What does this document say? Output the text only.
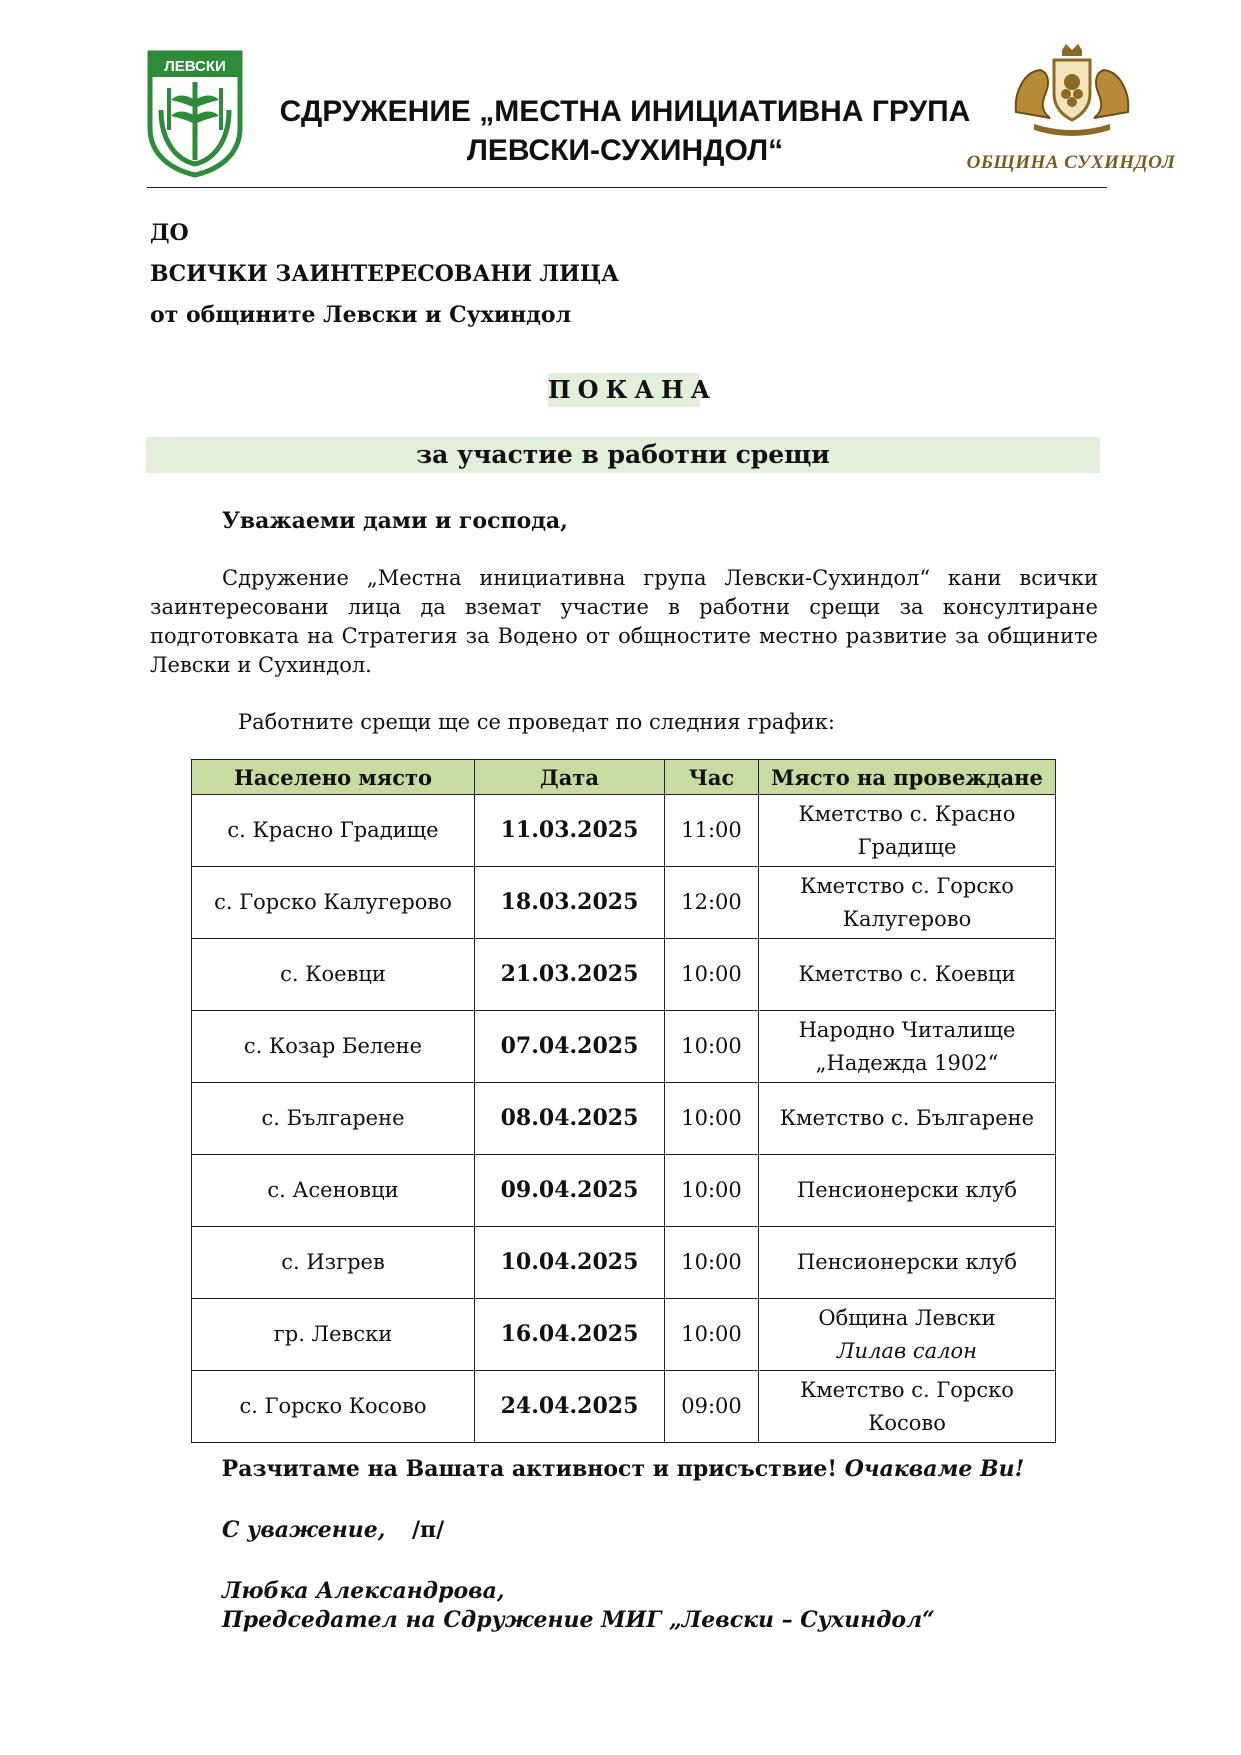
ЛЕВСКИ
СДРУЖЕНИЕ „МЕСТНА ИНИЦИАТИВНА ГРУПА
ЛЕВСКИ-СУХИНДОЛ“	ОБЩИНА СУХИНДОЛ
ДО
ВСИЧКИ ЗАИНТЕРЕСОВАНИ ЛИЦА
от общините Левски и Сухиндол
ПОКАНА
за участие в работни срещи
Уважаеми дами и господа,
Сдружение „Местна инициативна група Левски-Сухиндол“ кани всички заинтересовани лица да вземат участие в работни срещи за консултиране подготовката на Стратегия за Водено от общностите местно развитие за общините Левски и Сухиндол.
Работните срещи ще се проведат по следния график:
Населено място	Дата	Час	Място на провеждане
с. Красно Градище	11.03.2025	11:00	Кметство с. Красно Градище
с. Горско Калугерово	18.03.2025	12:00	Кметство с. Горско Калугерово
с. Коевци	21.03.2025	10:00	Кметство с. Коевци
с. Козар Белене	07.04.2025	10:00	Народно Читалище „Надежда 1902“
с. Българене	08.04.2025	10:00	Кметство с. Българене
с. Асеновци	09.04.2025	10:00	Пенсионерски клуб
с. Изгрев	10.04.2025	10:00	Пенсионерски клуб
гр. Левски	16.04.2025	10:00	Община Левски
Лилав салон

с. Горско Косово	24.04.2025	09:00	Кметство с. Горско Косово
Разчитаме на Вашата активност и присъствие! Очакваме Ви!
С уважение, /п/
Любка Александрова,
Председател на Сдружение МИГ „Левски – Сухиндол“
